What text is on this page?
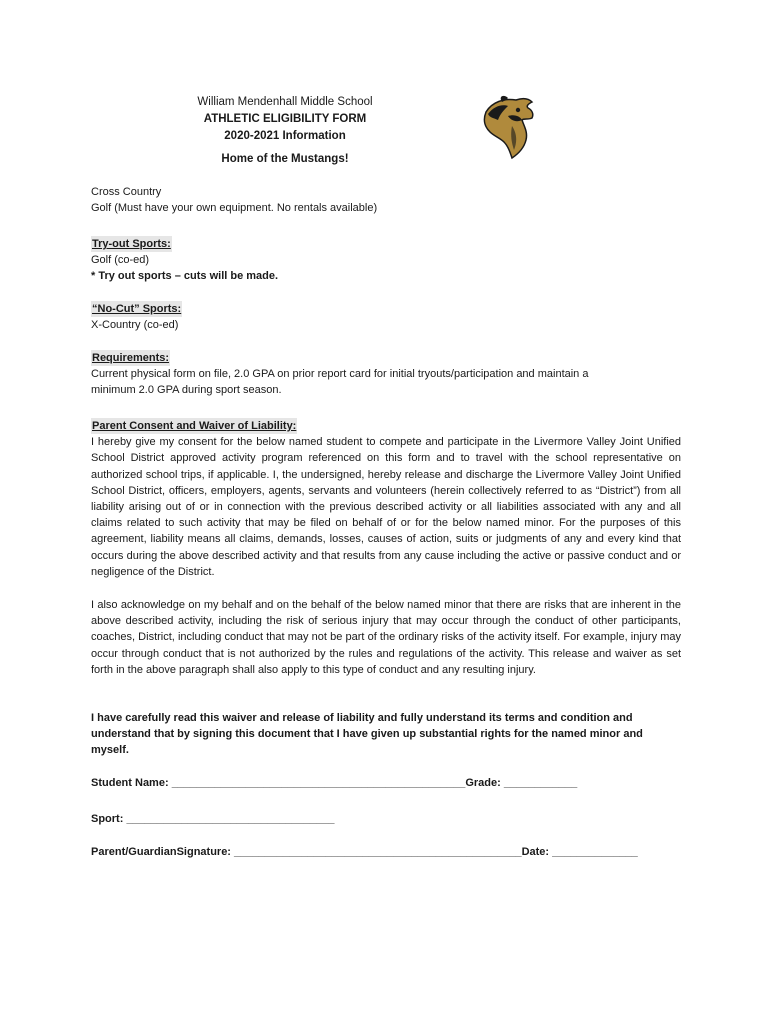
William Mendenhall Middle School
ATHLETIC ELIGIBILITY FORM
2020-2021 Information
Home of the Mustangs!
Cross Country
Golf (Must have your own equipment. No rentals available)
Try-out Sports:
Golf (co-ed)
* Try out sports – cuts will be made.
“No-Cut” Sports:
X-Country (co-ed)
Requirements:
Current physical form on file, 2.0 GPA on prior report card for initial tryouts/participation and maintain a
minimum 2.0 GPA during sport season.
Parent Consent and Waiver of Liability:
I hereby give my consent for the below named student to compete and participate in the Livermore Valley Joint Unified School District approved activity program referenced on this form and to travel with the school representative on authorized school trips, if applicable. I, the undersigned, hereby release and discharge the Livermore Valley Joint Unified School District, officers, employers, agents, servants and volunteers (herein collectively referred to as “District”) from all liability arising out of or in connection with the previous described activity or all liabilities associated with any and all claims related to such activity that may be filed on behalf of or for the below named minor. For the purposes of this agreement, liability means all claims, demands, losses, causes of action, suits or judgments of any and every kind that occurs during the above described activity and that results from any cause including the active or passive conduct and or negligence of the District.
I also acknowledge on my behalf and on the behalf of the below named minor that there are risks that are inherent in the above described activity, including the risk of serious injury that may occur through the conduct of other participants, coaches, District, including conduct that may not be part of the ordinary risks of the activity itself. For example, injury may occur through conduct that is not authorized by the rules and regulations of the activity. This release and waiver as set forth in the above paragraph shall also apply to this type of conduct and any resulting injury.
I have carefully read this waiver and release of liability and fully understand its terms and condition and understand that by signing this document that I have given up substantial rights for the named minor and myself.
Student Name: ________________________________________________Grade: ____________
Sport: __________________________________
Parent/GuardianSignature: _______________________________________________Date: ______________
